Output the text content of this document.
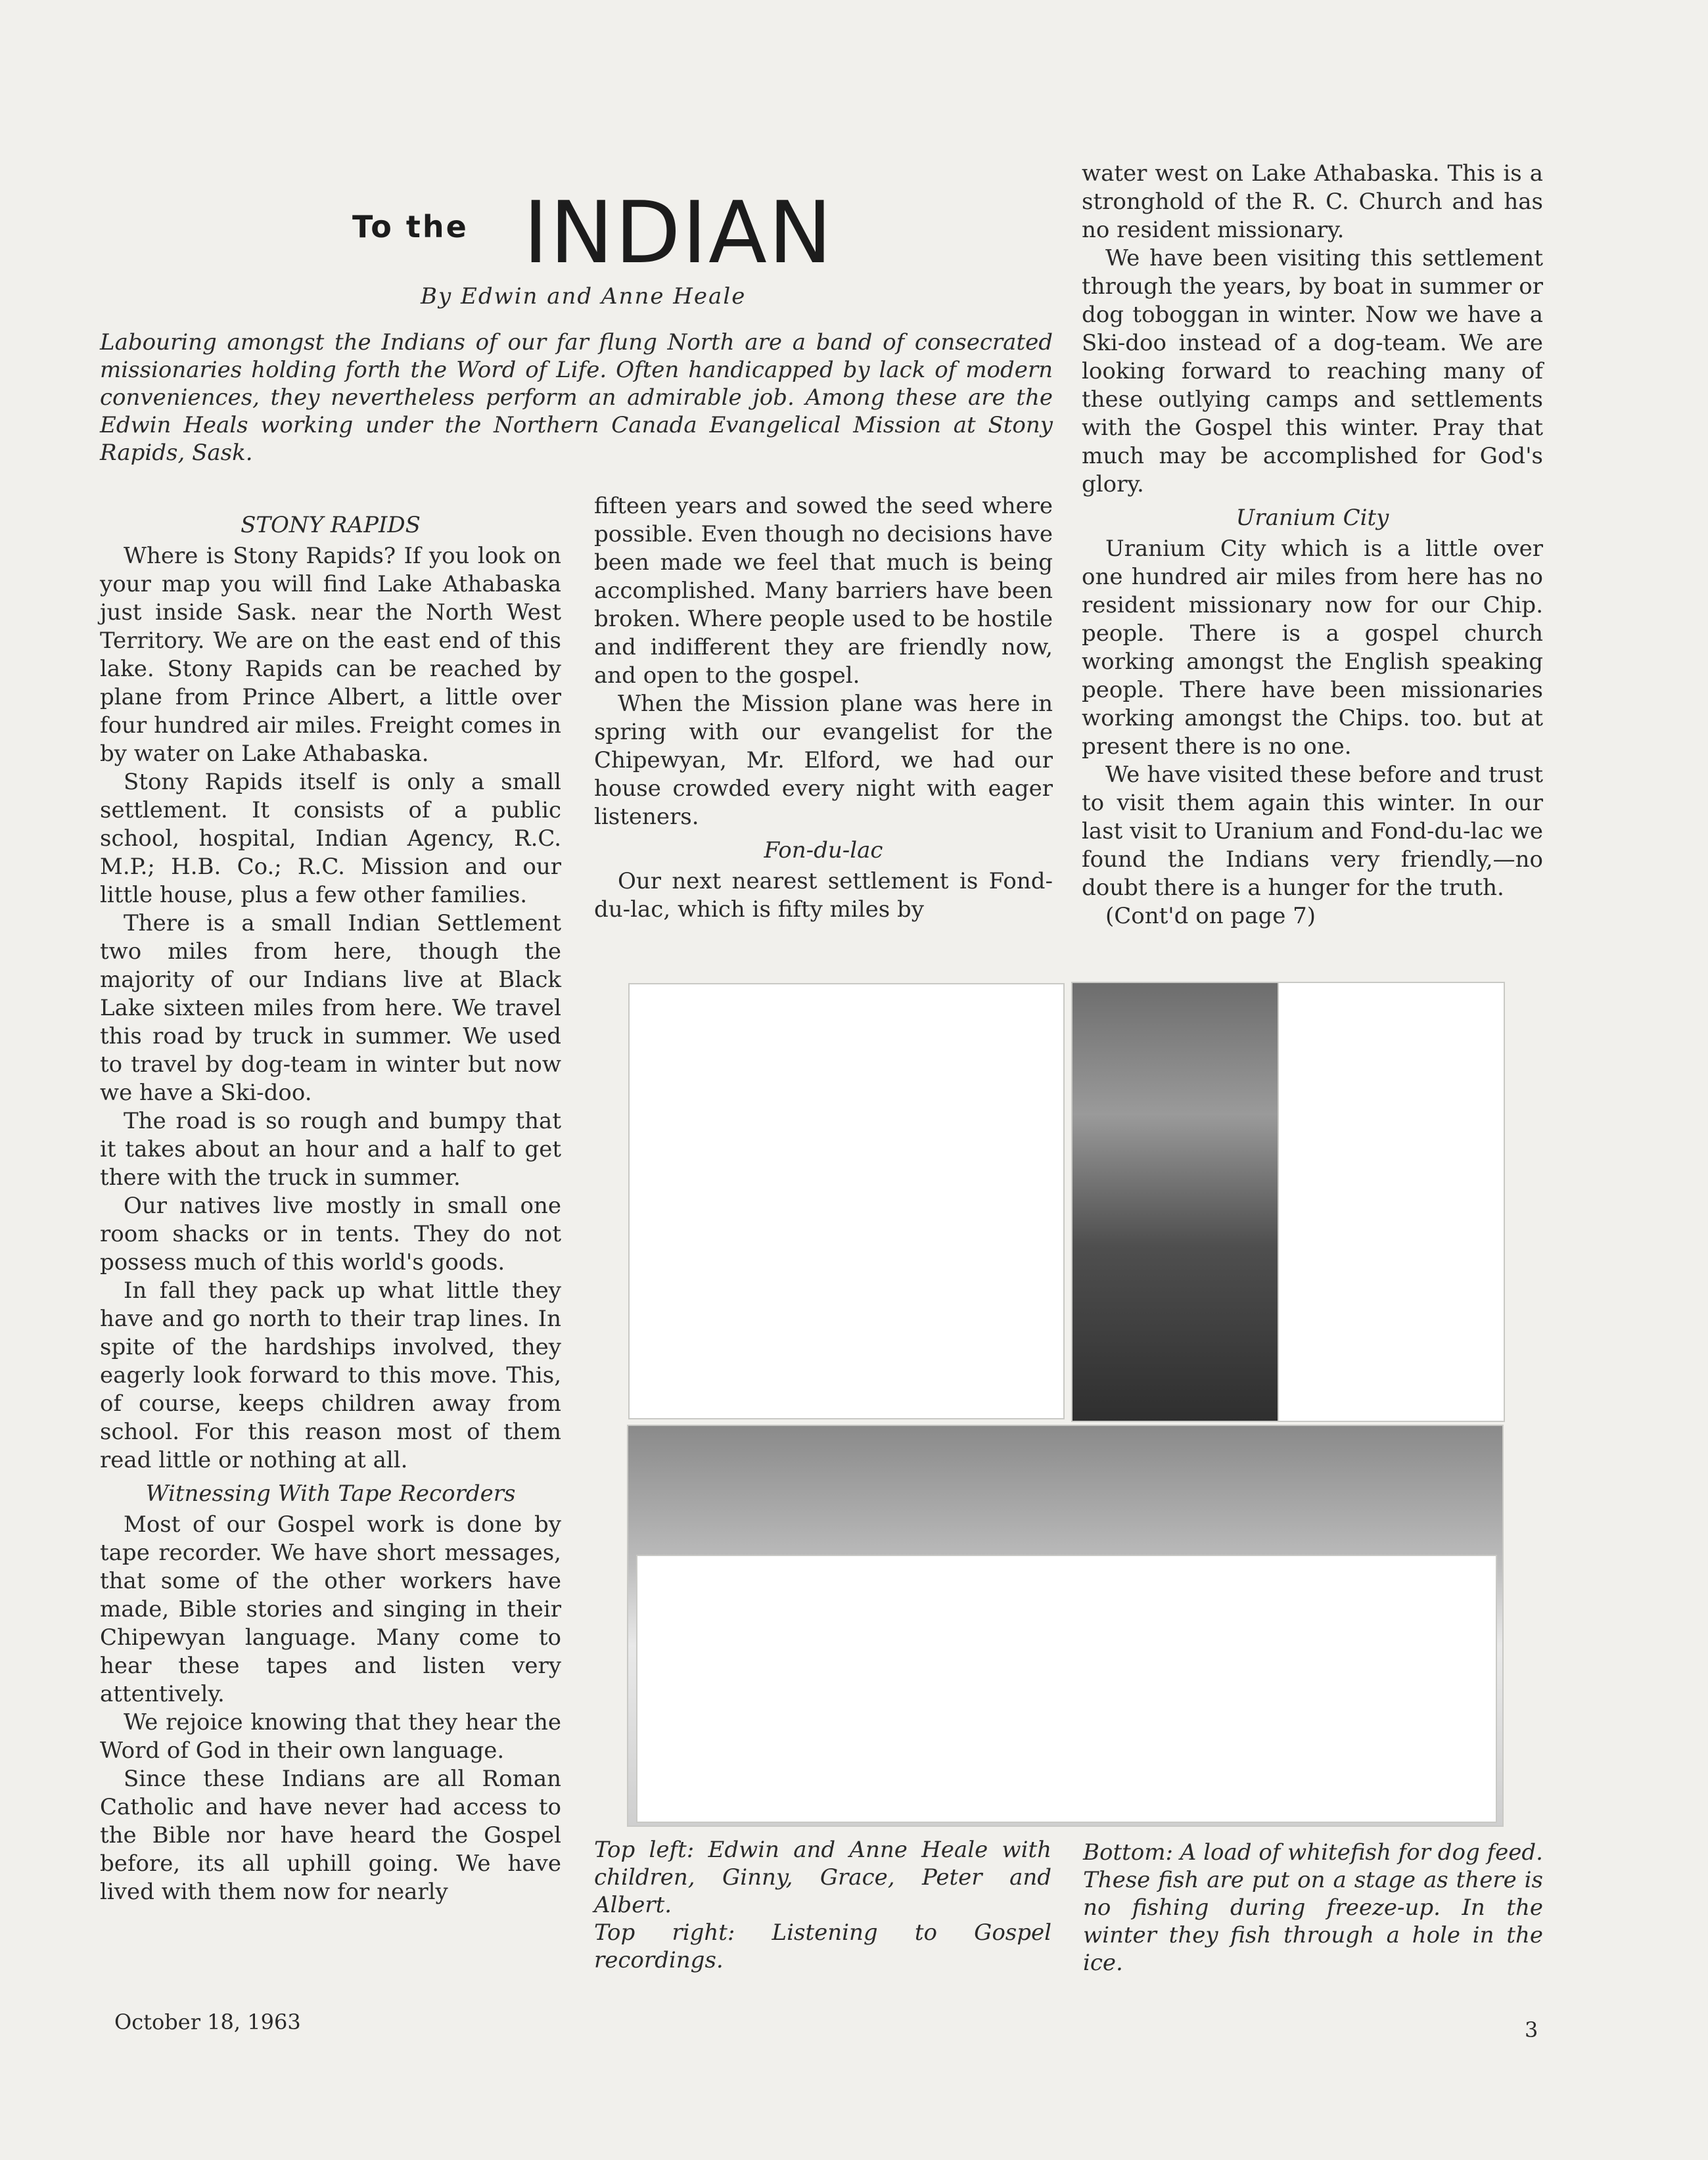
To the INDIAN
By Edwin and Anne Heale
Labouring amongst the Indians of our far flung North are a band of consecrated missionaries holding forth the Word of Life. Often handicapped by lack of modern conveniences, they nevertheless perform an admirable job. Among these are the Edwin Heals working under the Northern Canada Evangelical Mission at Stony Rapids, Sask.

STONY RAPIDS

Where is Stony Rapids? If you look on your map you will find Lake Athabaska just inside Sask. near the North West Territory. We are on the east end of this lake. Stony Rapids can be reached by plane from Prince Albert, a little over four hundred air miles. Freight comes in by water on Lake Athabaska.

Stony Rapids itself is only a small settlement. It consists of a public school, hospital, Indian Agency, R.C. M.P.; H.B. Co.; R.C. Mission and our little house, plus a few other families.

There is a small Indian Settlement two miles from here, though the majority of our Indians live at Black Lake sixteen miles from here. We travel this road by truck in summer. We used to travel by dog-team in winter but now we have a Ski-doo.

The road is so rough and bumpy that it takes about an hour and a half to get there with the truck in summer.

Our natives live mostly in small one room shacks or in tents. They do not possess much of this world's goods.

In fall they pack up what little they have and go north to their trap lines. In spite of the hardships involved, they eagerly look forward to this move. This, of course, keeps children away from school. For this reason most of them read little or nothing at all.

Witnessing With Tape Recorders

Most of our Gospel work is done by tape recorder. We have short messages, that some of the other workers have made, Bible stories and singing in their Chipewyan language. Many come to hear these tapes and listen very attentively.

We rejoice knowing that they hear the Word of God in their own language.

Since these Indians are all Roman Catholic and have never had access to the Bible nor have heard the Gospel before, its all uphill going. We have lived with them now for nearly

fifteen years and sowed the seed where possible. Even though no decisions have been made we feel that much is being accomplished. Many barriers have been broken. Where people used to be hostile and indifferent they are friendly now, and open to the gospel.

When the Mission plane was here in spring with our evangelist for the Chipewyan, Mr. Elford, we had our house crowded every night with eager listeners.

Fon-du-lac

Our next nearest settlement is Fond-du-lac, which is fifty miles by

water west on Lake Athabaska. This is a stronghold of the R. C. Church and has no resident missionary.

We have been visiting this settlement through the years, by boat in summer or dog toboggan in winter. Now we have a Ski-doo instead of a dog-team. We are looking forward to reaching many of these outlying camps and settlements with the Gospel this winter. Pray that much may be accomplished for God's glory.

Uranium City

Uranium City which is a little over one hundred air miles from here has no resident missionary now for our Chip. people. There is a gospel church working amongst the English speaking people. There have been missionaries working amongst the Chips. too. but at present there is no one.

We have visited these before and trust to visit them again this winter. In our last visit to Uranium and Fond-du-lac we found the Indians very friendly,—no doubt there is a hunger for the truth.

(Cont'd on page 7)

Top left: Edwin and Anne Heale with children, Ginny, Grace, Peter and Albert.

Top right: Listening to Gospel recordings.

Bottom: A load of whitefish for dog feed. These fish are put on a stage as there is no fishing during freeze-up. In the winter they fish through a hole in the ice.

October 18, 1963	3
